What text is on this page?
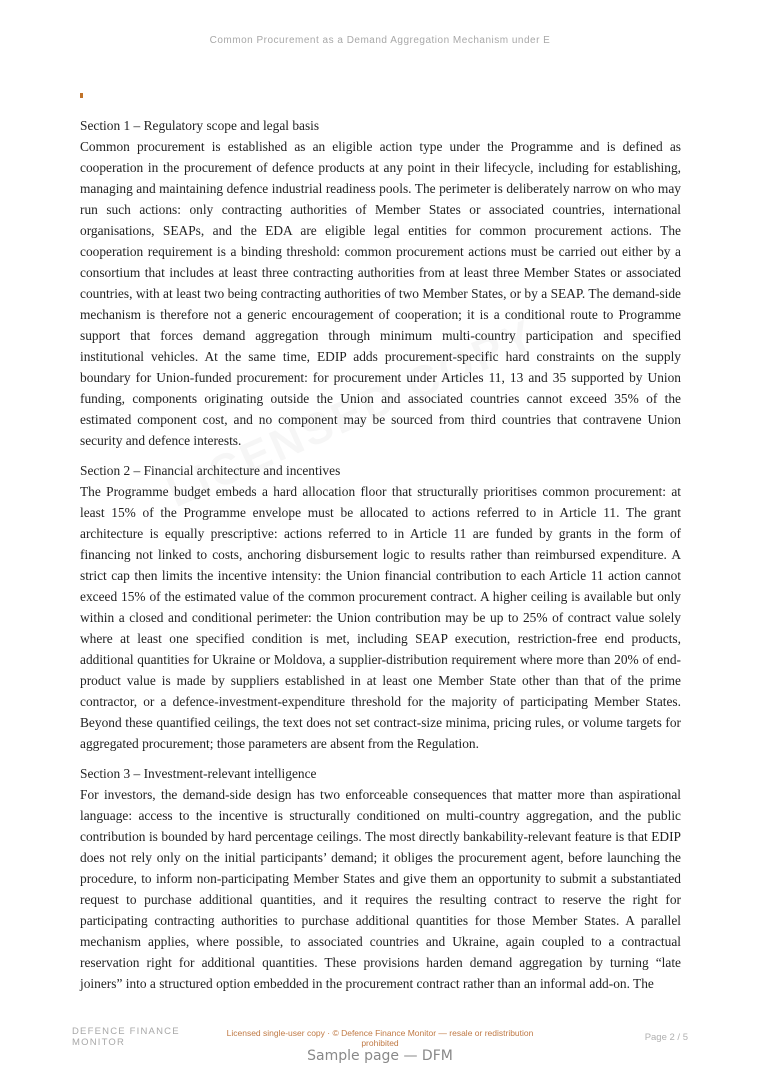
Common Procurement as a Demand Aggregation Mechanism under E
Section 1 – Regulatory scope and legal basis

Common procurement is established as an eligible action type under the Programme and is defined as cooperation in the procurement of defence products at any point in their lifecycle, including for establishing, managing and maintaining defence industrial readiness pools. The perimeter is deliberately narrow on who may run such actions: only contracting authorities of Member States or associated countries, international organisations, SEAPs, and the EDA are eligible legal entities for common procurement actions. The cooperation requirement is a binding threshold: common procurement actions must be carried out either by a consortium that includes at least three contracting authorities from at least three Member States or associated countries, with at least two being contracting authorities of two Member States, or by a SEAP. The demand-side mechanism is therefore not a generic encouragement of cooperation; it is a conditional route to Programme support that forces demand aggregation through minimum multi-country participation and specified institutional vehicles. At the same time, EDIP adds procurement-specific hard constraints on the supply boundary for Union-funded procurement: for procurement under Articles 11, 13 and 35 supported by Union funding, components originating outside the Union and associated countries cannot exceed 35% of the estimated component cost, and no component may be sourced from third countries that contravene Union security and defence interests.

Section 2 – Financial architecture and incentives

The Programme budget embeds a hard allocation floor that structurally prioritises common procurement: at least 15% of the Programme envelope must be allocated to actions referred to in Article 11. The grant architecture is equally prescriptive: actions referred to in Article 11 are funded by grants in the form of financing not linked to costs, anchoring disbursement logic to results rather than reimbursed expenditure. A strict cap then limits the incentive intensity: the Union financial contribution to each Article 11 action cannot exceed 15% of the estimated value of the common procurement contract. A higher ceiling is available but only within a closed and conditional perimeter: the Union contribution may be up to 25% of contract value solely where at least one specified condition is met, including SEAP execution, restriction-free end products, additional quantities for Ukraine or Moldova, a supplier-distribution requirement where more than 20% of end-product value is made by suppliers established in at least one Member State other than that of the prime contractor, or a defence-investment-expenditure threshold for the majority of participating Member States. Beyond these quantified ceilings, the text does not set contract-size minima, pricing rules, or volume targets for aggregated procurement; those parameters are absent from the Regulation.

Section 3 – Investment-relevant intelligence

For investors, the demand-side design has two enforceable consequences that matter more than aspirational language: access to the incentive is structurally conditioned on multi-country aggregation, and the public contribution is bounded by hard percentage ceilings. The most directly bankability-relevant feature is that EDIP does not rely only on the initial participants’ demand; it obliges the procurement agent, before launching the procedure, to inform non-participating Member States and give them an opportunity to submit a substantiated request to purchase additional quantities, and it requires the resulting contract to reserve the right for participating contracting authorities to purchase additional quantities for those Member States. A parallel mechanism applies, where possible, to associated countries and Ukraine, again coupled to a contractual reservation right for additional quantities. These provisions harden demand aggregation by turning “late joiners” into a structured option embedded in the procurement contract rather than an informal add-on. The

DEFENCE FINANCE
MONITOR
Licensed single-user copy · © Defence Finance Monitor — resale or redistribution prohibited	Page 2 / 5
Sample page — DFM
